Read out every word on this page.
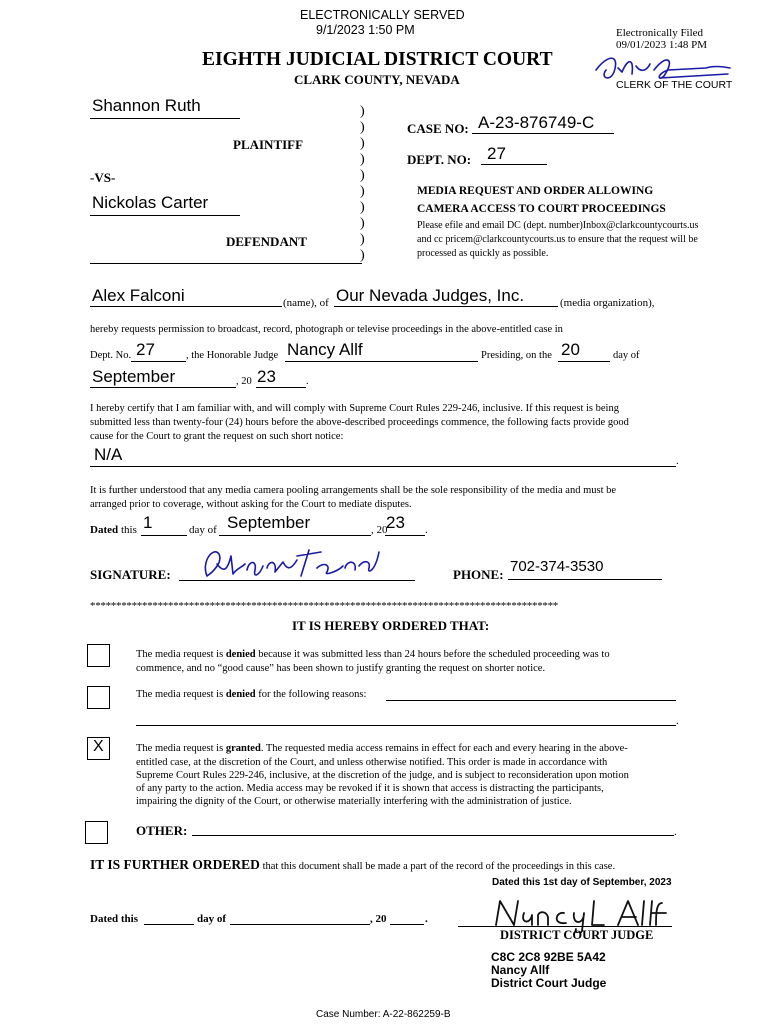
ELECTRONICALLY SERVED
9/1/2023 1:50 PM	Electronically Filed
09/01/2023 1:48 PM
CLERK OF THE COURT
EIGHTH JUDICIAL DISTRICT COURT
CLARK COUNTY, NEVADA
Shannon Ruth
PLAINTIFF
-VS-
Nickolas Carter
DEFENDANT
)
)
)
)
)
)
)
)
)
)
CASE NO: A-23-876749-C
DEPT. NO: 27
MEDIA REQUEST AND ORDER ALLOWING
CAMERA ACCESS TO COURT PROCEEDINGS
Please efile and email DC (dept. number)Inbox@clarkcountycourts.us
and cc pricem@clarkcountycourts.us to ensure that the request will be
processed as quickly as possible.
Alex Falconi	(name), of Our Nevada Judges, Inc.	(media organization),
hereby requests permission to broadcast, record, photograph or televise proceedings in the above-entitled case in
Dept. No. 27	, the Honorable Judge Nancy Allf	Presiding, on the 20	day of
September	, 20 23	.
I hereby certify that I am familiar with, and will comply with Supreme Court Rules 229-246, inclusive. If this request is being
submitted less than twenty-four (24) hours before the above-described proceedings commence, the following facts provide good
cause for the Court to grant the request on such short notice:
N/A	.
It is further understood that any media camera pooling arrangements shall be the sole responsibility of the media and must be
arranged prior to coverage, without asking for the Court to mediate disputes.
Dated this 1	day of September	, 20
23 .
SIGNATURE:	PHONE: 702-374-3530
******************************************************************************************
IT IS HEREBY ORDERED THAT:
The media request is denied because it was submitted less than 24 hours before the scheduled proceeding was to
commence, and no “good cause” has been shown to justify granting the request on shorter notice.
The media request is denied for the following reasons:
.
X	The media request is granted. The requested media access remains in effect for each and every hearing in the above-
entitled case, at the discretion of the Court, and unless otherwise notified. This order is made in accordance with
Supreme Court Rules 229-246, inclusive, at the discretion of the judge, and is subject to reconsideration upon motion
of any party to the action. Media access may be revoked if it is shown that access is distracting the participants,
impairing the dignity of the Court, or otherwise materially interfering with the administration of justice.
OTHER:	.
IT IS FURTHER ORDERED that this document shall be made a part of the record of the proceedings in this case.
Dated this 1st day of September, 2023
Dated this	day of	, 20	.
DISTRICT COURT JUDGE
C8C 2C8 92BE 5A42
Nancy Allf
District Court Judge
Case Number: A-22-862259-B
